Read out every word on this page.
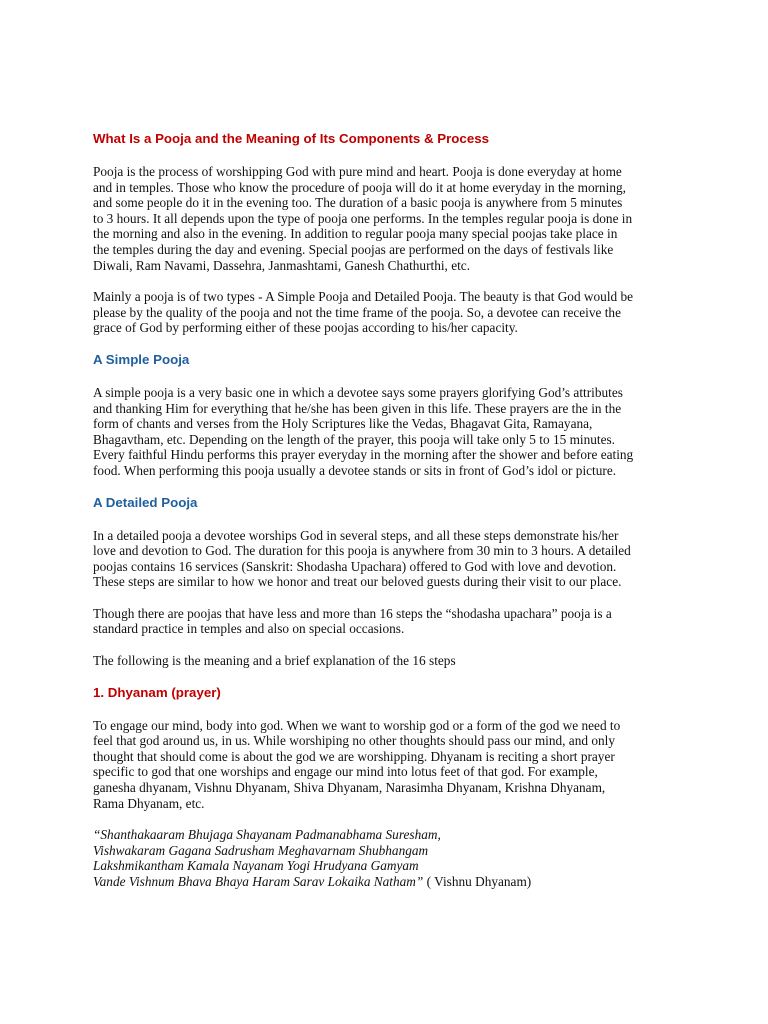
What Is a Pooja and the Meaning of Its Components & Process

Pooja is the process of worshipping God with pure mind and heart. Pooja is done everyday at home
and in temples. Those who know the procedure of pooja will do it at home everyday in the morning,
and some people do it in the evening too. The duration of a basic pooja is anywhere from 5 minutes
to 3 hours. It all depends upon the type of pooja one performs. In the temples regular pooja is done in
the morning and also in the evening. In addition to regular pooja many special poojas take place in
the temples during the day and evening. Special poojas are performed on the days of festivals like
Diwali, Ram Navami, Dassehra, Janmashtami, Ganesh Chathurthi, etc.

Mainly a pooja is of two types - A Simple Pooja and Detailed Pooja. The beauty is that God would be
please by the quality of the pooja and not the time frame of the pooja. So, a devotee can receive the
grace of God by performing either of these poojas according to his/her capacity.

A Simple Pooja

A simple pooja is a very basic one in which a devotee says some prayers glorifying God’s attributes
and thanking Him for everything that he/she has been given in this life. These prayers are the in the
form of chants and verses from the Holy Scriptures like the Vedas, Bhagavat Gita, Ramayana,
Bhagavtham, etc. Depending on the length of the prayer, this pooja will take only 5 to 15 minutes.
Every faithful Hindu performs this prayer everyday in the morning after the shower and before eating
food. When performing this pooja usually a devotee stands or sits in front of God’s idol or picture.

A Detailed Pooja

In a detailed pooja a devotee worships God in several steps, and all these steps demonstrate his/her
love and devotion to God. The duration for this pooja is anywhere from 30 min to 3 hours. A detailed
poojas contains 16 services (Sanskrit: Shodasha Upachara) offered to God with love and devotion.
These steps are similar to how we honor and treat our beloved guests during their visit to our place.

Though there are poojas that have less and more than 16 steps the “shodasha upachara” pooja is a
standard practice in temples and also on special occasions.

The following is the meaning and a brief explanation of the 16 steps

1. Dhyanam (prayer)

To engage our mind, body into god. When we want to worship god or a form of the god we need to
feel that god around us, in us. While worshiping no other thoughts should pass our mind, and only
thought that should come is about the god we are worshipping. Dhyanam is reciting a short prayer
specific to god that one worships and engage our mind into lotus feet of that god. For example,
ganesha dhyanam, Vishnu Dhyanam, Shiva Dhyanam, Narasimha Dhyanam, Krishna Dhyanam,
Rama Dhyanam, etc.

“Shanthakaaram Bhujaga Shayanam Padmanabhama Suresham,
Vishwakaram Gagana Sadrusham Meghavarnam Shubhangam
Lakshmikantham Kamala Nayanam Yogi Hrudyana Gamyam
Vande Vishnum Bhava Bhaya Haram Sarav Lokaika Natham” ( Vishnu Dhyanam)
